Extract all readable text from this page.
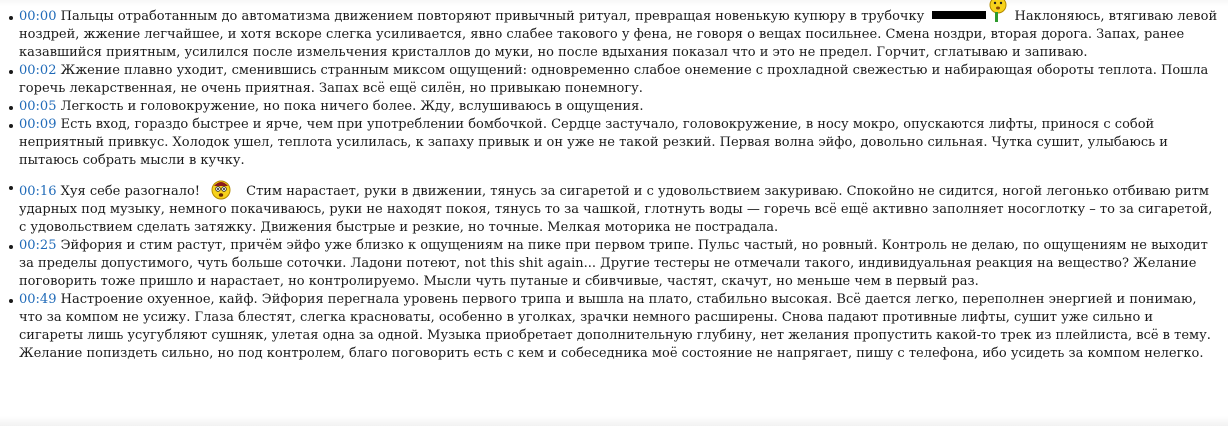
00:00 Пальцы отработанным до автоматизма движением повторяют привычный ритуал, превращая новенькую купюру в трубочку	Наклоняюсь, втягиваю левой ноздрей, жжение легчайшее, и хотя вскоре слегка усиливается, явно слабее такового у фена, не говоря о вещах посильнее. Смена ноздри, вторая дорога. Запах, ранее казавшийся приятным, усилился после измельчения кристаллов до муки, но после вдыхания показал что и это не предел. Горчит, сглатываю и запиваю.
00:02 Жжение плавно уходит, сменившись странным миксом ощущений: одновременно слабое онемение с прохладной свежестью и набирающая обороты теплота. Пошла горечь лекарственная, не очень приятная. Запах всё ещё силён, но привыкаю понемногу.
00:05 Легкость и головокружение, но пока ничего более. Жду, вслушиваюсь в ощущения.
00:09 Есть вход, гораздо быстрее и ярче, чем при употреблении бомбочкой. Сердце застучало, головокружение, в носу мокро, опускаются лифты, принося с собой неприятный привкус. Холодок ушел, теплота усилилась, к запаху привык и он уже не такой резкий. Первая волна эйфо, довольно сильная. Чутка сушит, улыбаюсь и пытаюсь собрать мысли в кучку.
00:16 Хуя себе разогнало!	Стим нарастает, руки в движении, тянусь за сигаретой и с удовольствием закуриваю. Спокойно не сидится, ногой легонько отбиваю ритм ударных под музыку, немного покачиваюсь, руки не находят покоя, тянусь то за чашкой, глотнуть воды — горечь всё ещё активно заполняет носоглотку – то за сигаретой, с удовольствием сделать затяжку. Движения быстрые и резкие, но точные. Мелкая моторика не пострадала.
00:25 Эйфория и стим растут, причём эйфо уже близко к ощущениям на пике при первом трипе. Пульс частый, но ровный. Контроль не делаю, по ощущениям не выходит за пределы допустимого, чуть больше соточки. Ладони потеют, not this shit again... Другие тестеры не отмечали такого, индивидуальная реакция на вещество? Желание поговорить тоже пришло и нарастает, но контролируемо. Мысли чуть путаные и сбивчивые, частят, скачут, но меньше чем в первый раз.
00:49 Настроение охуенное, кайф. Эйфория перегнала уровень первого трипа и вышла на плато, стабильно высокая. Всё дается легко, переполнен энергией и понимаю, что за компом не усижу. Глаза блестят, слегка красноваты, особенно в уголках, зрачки немного расширены. Снова падают противные лифты, сушит уже сильно и сигареты лишь усугубляют сушняк, улетая одна за одной. Музыка приобретает дополнительную глубину, нет желания пропустить какой-то трек из плейлиста, всё в тему. Желание попиздеть сильно, но под контролем, благо поговорить есть с кем и собеседника моё состояние не напрягает, пишу с телефона, ибо усидеть за компом нелегко.
